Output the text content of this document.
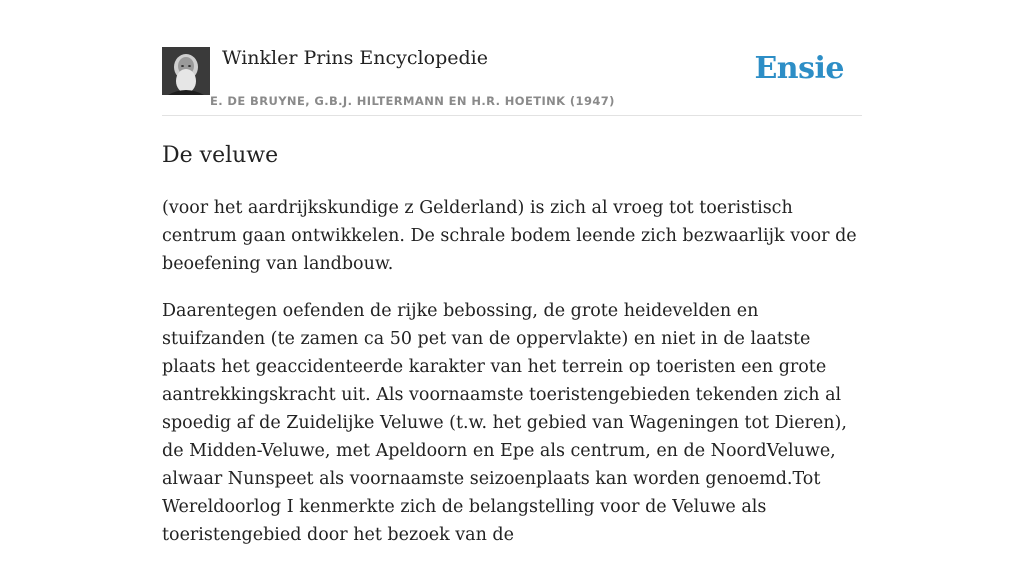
Winkler Prins Encyclopedie
E. DE BRUYNE, G.B.J. HILTERMANN EN H.R. HOETINK (1947)
Ensie
De veluwe

(voor het aardrijkskundige z Gelderland) is zich al vroeg tot toeristisch centrum gaan ontwikkelen. De schrale bodem leende zich bezwaarlijk voor de beoefening van landbouw.

Daarentegen oefenden de rijke bebossing, de grote heidevelden en stuifzanden (te zamen ca 50 pet van de oppervlakte) en niet in de laatste plaats het geaccidenteerde karakter van het terrein op toeristen een grote aantrekkingskracht uit. Als voornaamste toeristengebieden tekenden zich al spoedig af de Zuidelijke Veluwe (t.w. het gebied van Wageningen tot Dieren), de Midden-Veluwe, met Apeldoorn en Epe als centrum, en de NoordVeluwe, alwaar Nunspeet als voornaamste seizoenplaats kan worden genoemd.Tot Wereldoorlog I kenmerkte zich de belangstelling voor de Veluwe als toeristengebied door het bezoek van de
